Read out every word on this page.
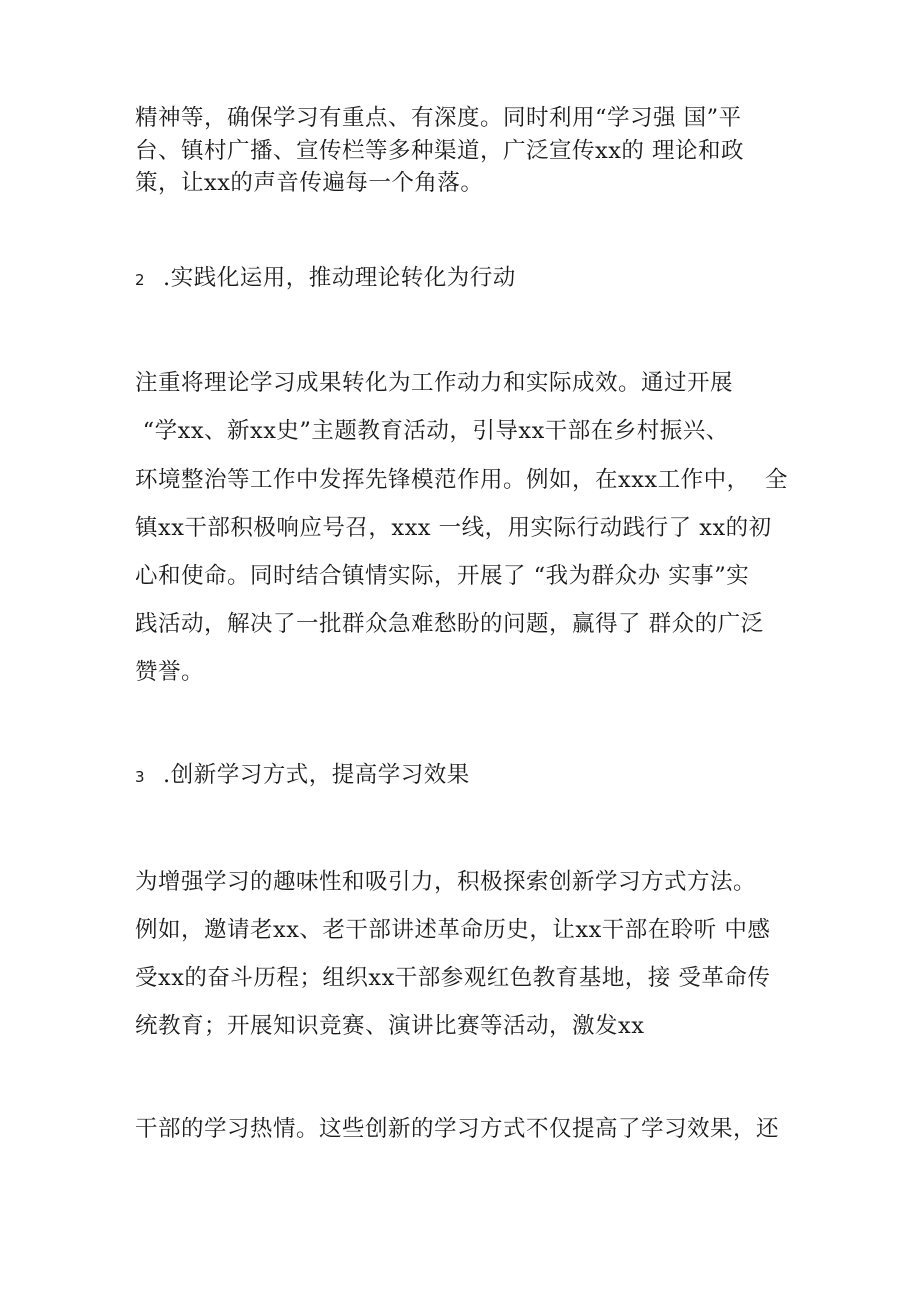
精神等，确保学习有重点、有深度。同时利用“学习强 国”平
台、镇村广播、宣传栏等多种渠道，广泛宣传xx的 理论和政
策，让xx的声音传遍每一个角落。
2 .实践化运用，推动理论转化为行动
注重将理论学习成果转化为工作动力和实际成效。通过开展
“学xx、新xx史”主题教育活动，引导xx干部在乡村振兴、
环境整治等工作中发挥先锋模范作用。例如，在xxx工作中，  全
镇xx干部积极响应号召，xxx 一线，用实际行动践行了 xx的初
心和使命。同时结合镇情实际，开展了 “我为群众办 实事”实
践活动，解决了一批群众急难愁盼的问题，赢得了 群众的广泛
赞誉。
3 .创新学习方式，提高学习效果
为增强学习的趣味性和吸引力，积极探索创新学习方式方法。
例如，邀请老xx、老干部讲述革命历史，让xx干部在聆听 中感
受xx的奋斗历程；组织xx干部参观红色教育基地，接 受革命传
统教育；开展知识竞赛、演讲比赛等活动，激发xx
干部的学习热情。这些创新的学习方式不仅提高了学习效果，还
